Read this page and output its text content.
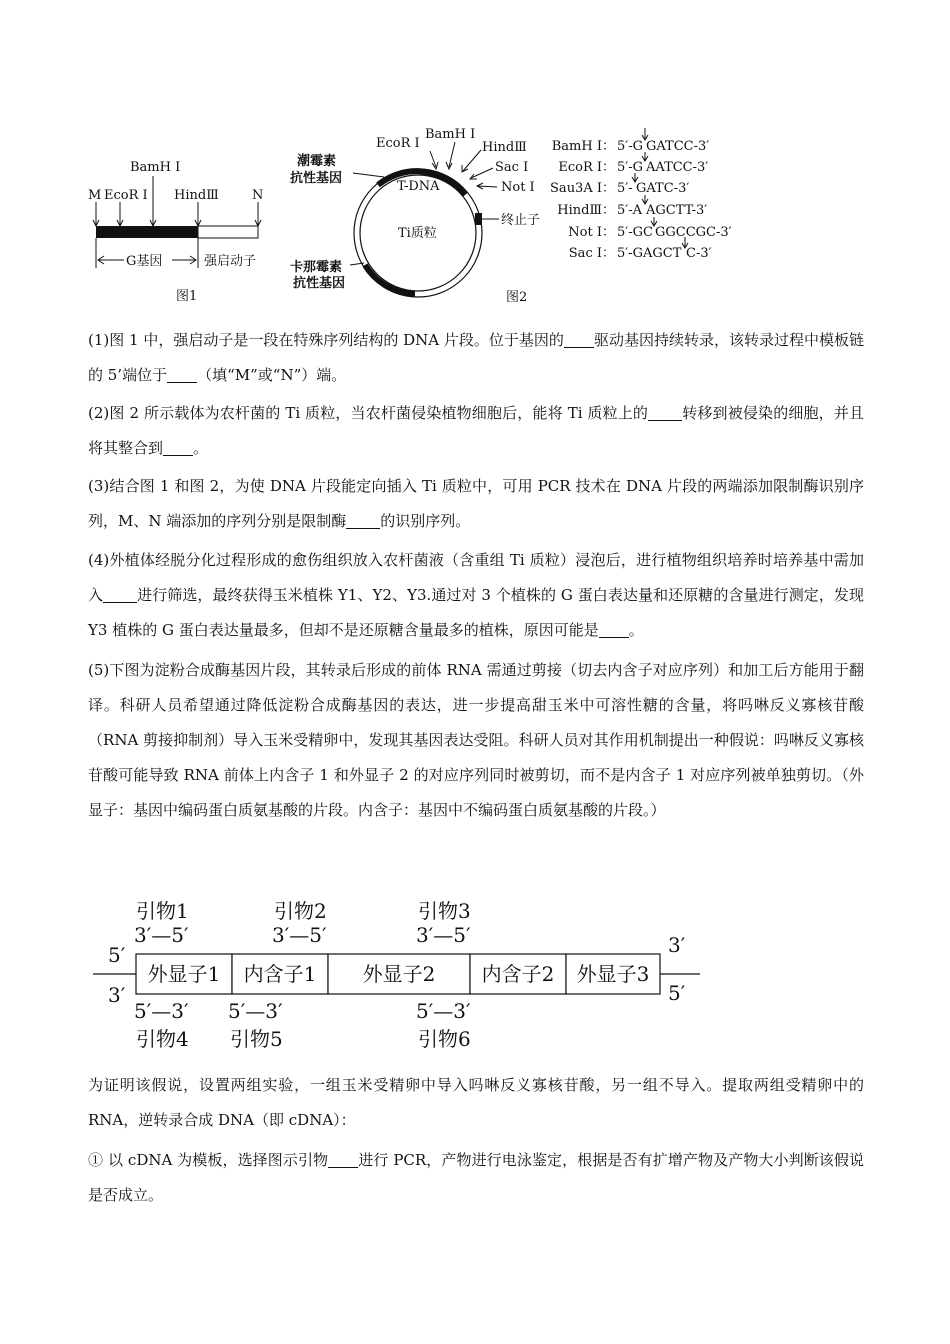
M EcoR Ⅰ
BamH Ⅰ
HindⅢ	N
G基因	强启动子
图1
T-DNA
Ti质粒
潮霉素
抗性基因
卡那霉素
抗性基因
EcoR Ⅰ
BamH Ⅰ
HindⅢ
Sac Ⅰ
Not Ⅰ
终止子
图2
BamH Ⅰ： 5′-G GATCC-3′
EcoR Ⅰ： 5′-G AATCC-3′
Sau3A Ⅰ： 5′- GATC-3′
HindⅢ： 5′-A AGCTT-3′
Not Ⅰ： 5′-GC GGCCGC-3′
Sac Ⅰ： 5′-GAGCT C-3′
(1)图 1 中，强启动子是一段在特殊序列结构的 DNA 片段。位于基因的 驱动基因持续转录，该转录过程中模板链的 5’端位于 （填“M”或“N”）端。
(2)图 2 所示载体为农杆菌的 Ti 质粒，当农杆菌侵染植物细胞后，能将 Ti 质粒上的 转移到被侵染的细胞，并且将其整合到 。
(3)结合图 1 和图 2，为使 DNA 片段能定向插入 Ti 质粒中，可用 PCR 技术在 DNA 片段的两端添加限制酶识别序列，M、N 端添加的序列分别是限制酶 的识别序列。
(4)外植体经脱分化过程形成的愈伤组织放入农杆菌液（含重组 Ti 质粒）浸泡后，进行植物组织培养时培养基中需加入 进行筛选，最终获得玉米植株 Y1、Y2、Y3.通过对 3 个植株的 G 蛋白表达量和还原糖的含量进行测定，发现 Y3 植株的 G 蛋白表达量最多，但却不是还原糖含量最多的植株，原因可能是 。
(5)下图为淀粉合成酶基因片段，其转录后形成的前体 RNA 需通过剪接（切去内含子对应序列）和加工后方能用于翻译。科研人员希望通过降低淀粉合成酶基因的表达，进一步提高甜玉米中可溶性糖的含量，将吗啉反义寡核苷酸（RNA 剪接抑制剂）导入玉米受精卵中，发现其基因表达受阻。科研人员对其作用机制提出一种假说：吗啉反义寡核苷酸可能导致 RNA 前体上内含子 1 和外显子 2 的对应序列同时被剪切，而不是内含子 1 对应序列被单独剪切。（外显子：基因中编码蛋白质氨基酸的片段。内含子：基因中不编码蛋白质氨基酸的片段。）
5′
3′
3′
5′
外显子1 内含子1 外显子2 内含子2 外显子3
引物1
3′—5′
引物2
3′—5′
引物3
3′—5′
5′—3′
引物4
5′—3′
引物5
5′—3′
引物6
为证明该假说，设置两组实验，一组玉米受精卵中导入吗啉反义寡核苷酸，另一组不导入。提取两组受精卵中的 RNA，逆转录合成 DNA（即 cDNA）：
① 以 cDNA 为模板，选择图示引物 进行 PCR，产物进行电泳鉴定，根据是否有扩增产物及产物大小判断该假说是否成立。
